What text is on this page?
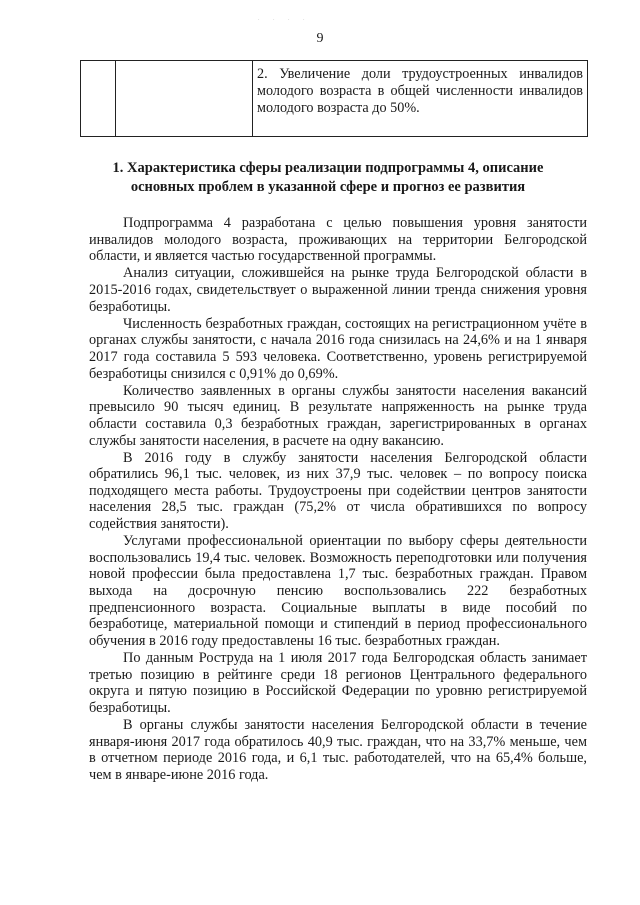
. . . .
9
		2. Увеличение доли трудоустроенных инвалидов молодого возраста в общей численности инвалидов молодого возраста до 50%.
1. Характеристика сферы реализации подпрограммы 4, описание основных проблем в указанной сфере и прогноз ее развития

Подпрограмма 4 разработана с целью повышения уровня занятости инвалидов молодого возраста, проживающих на территории Белгородской области, и является частью государственной программы.

Анализ ситуации, сложившейся на рынке труда Белгородской области в 2015-2016 годах, свидетельствует о выраженной линии тренда снижения уровня безработицы.

Численность безработных граждан, состоящих на регистрационном учёте в органах службы занятости, с начала 2016 года снизилась на 24,6% и на 1 января 2017 года составила 5 593 человека. Соответственно, уровень регистрируемой безработицы снизился с 0,91% до 0,69%.

Количество заявленных в органы службы занятости населения вакансий превысило 90 тысяч единиц. В результате напряженность на рынке труда области составила 0,3 безработных граждан, зарегистрированных в органах службы занятости населения, в расчете на одну вакансию.

В 2016 году в службу занятости населения Белгородской области обратились 96,1 тыс. человек, из них 37,9 тыс. человек – по вопросу поиска подходящего места работы. Трудоустроены при содействии центров занятости населения 28,5 тыс. граждан (75,2% от числа обратившихся по вопросу содействия занятости).

Услугами профессиональной ориентации по выбору сферы деятельности воспользовались 19,4 тыс. человек. Возможность переподготовки или получения новой профессии была предоставлена 1,7 тыс. безработных граждан. Правом выхода на досрочную пенсию воспользовались 222 безработных предпенсионного возраста. Социальные выплаты в виде пособий по безработице, материальной помощи и стипендий в период профессионального обучения в 2016 году предоставлены 16 тыс. безработных граждан.

По данным Роструда на 1 июля 2017 года Белгородская область занимает третью позицию в рейтинге среди 18 регионов Центрального федерального округа и пятую позицию в Российской Федерации по уровню регистрируемой безработицы.

В органы службы занятости населения Белгородской области в течение января-июня 2017 года обратилось 40,9 тыс. граждан, что на 33,7% меньше, чем в отчетном периоде 2016 года, и 6,1 тыс. работодателей, что на 65,4% больше, чем в январе-июне 2016 года.
